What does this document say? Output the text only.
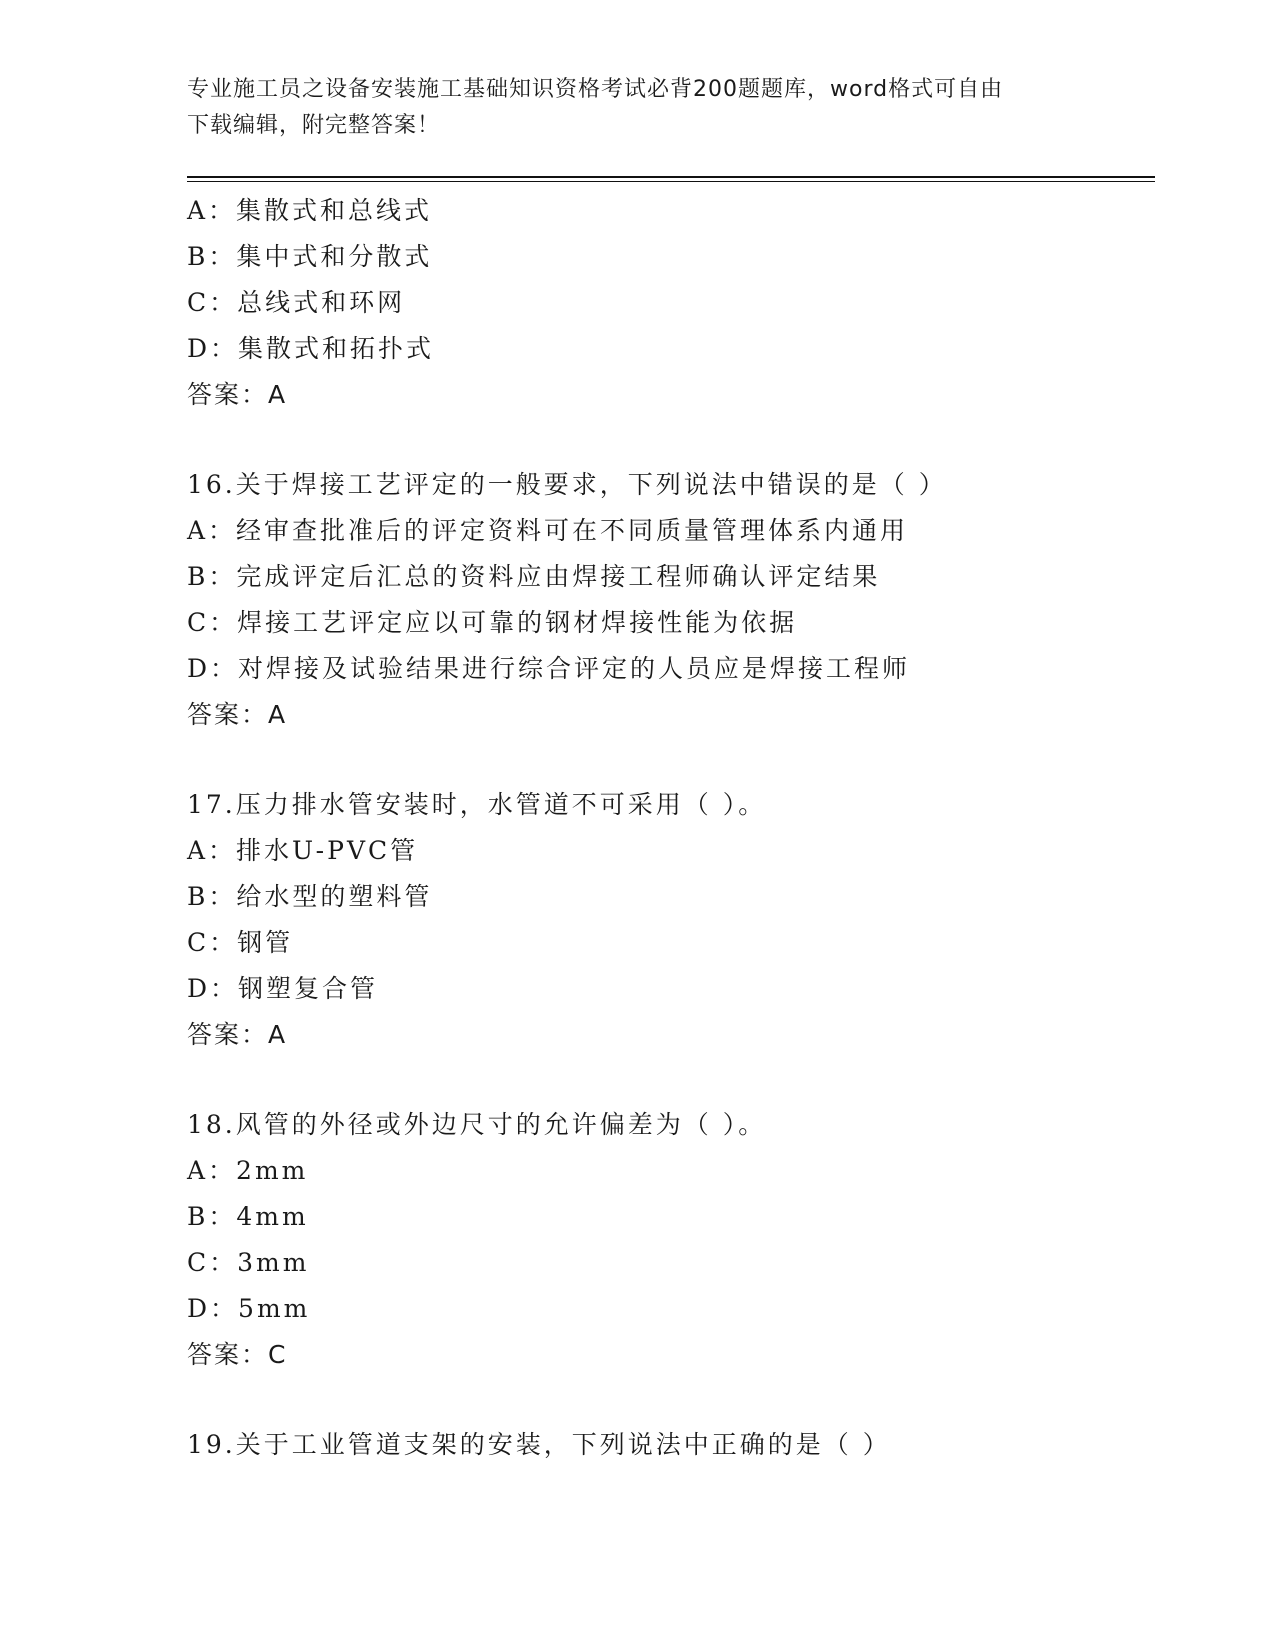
专业施工员之设备安装施工基础知识资格考试必背200题题库，word格式可自由
下载编辑，附完整答案！
A：集散式和总线式
B：集中式和分散式
C：总线式和环网
D：集散式和拓扑式
答案：A
16.关于焊接工艺评定的一般要求，下列说法中错误的是（ ）
A：经审查批准后的评定资料可在不同质量管理体系内通用
B：完成评定后汇总的资料应由焊接工程师确认评定结果
C：焊接工艺评定应以可靠的钢材焊接性能为依据
D：对焊接及试验结果进行综合评定的人员应是焊接工程师
答案：A
17.压力排水管安装时，水管道不可采用（ ）。
A：排水U-PVC管
B：给水型的塑料管
C：钢管
D：钢塑复合管
答案：A
18.风管的外径或外边尺寸的允许偏差为（ ）。
A：2mm
B：4mm
C：3mm
D：5mm
答案：C
19.关于工业管道支架的安装，下列说法中正确的是（ ）
